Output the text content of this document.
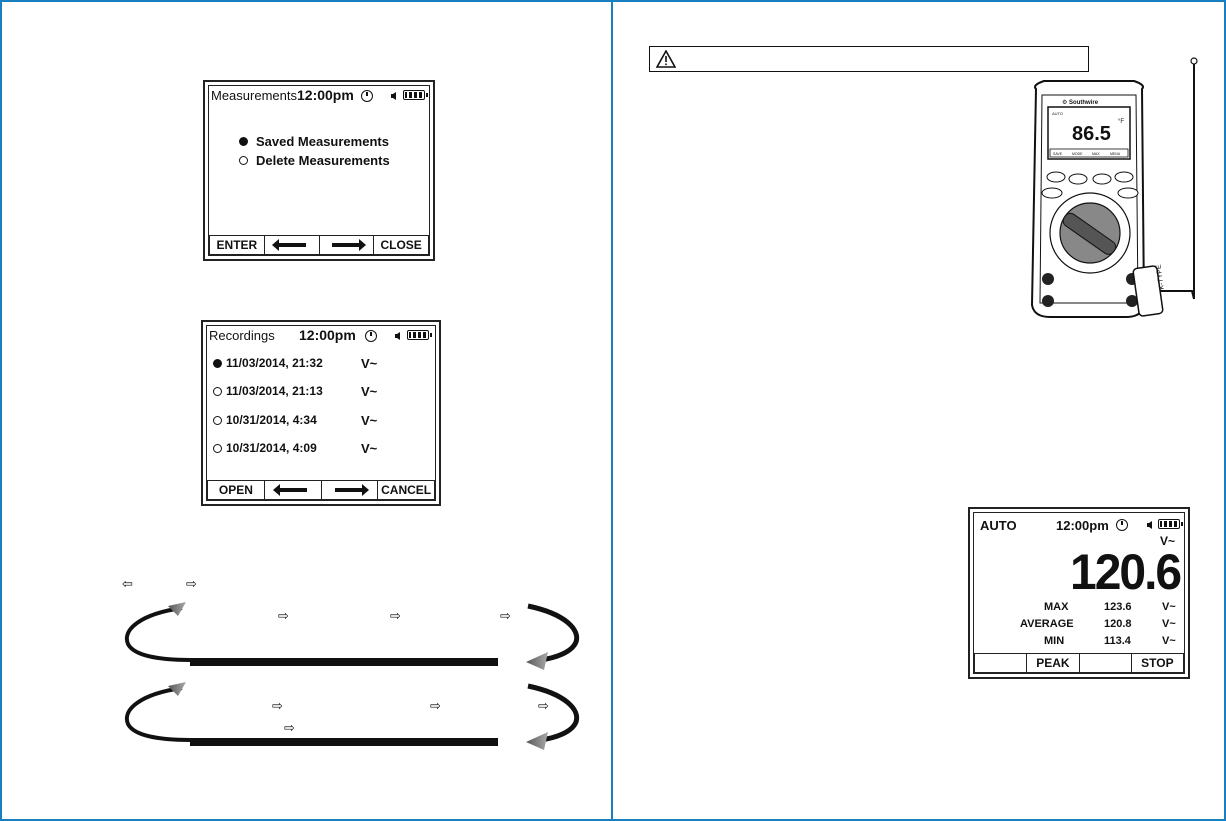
Measurements 12:00pm
Saved Measurements
Delete Measurements
ENTER	CLOSE
Recordings 12:00pm
11/03/2014, 21:32	V~
11/03/2014, 21:13	V~
10/31/2014, 4:34	V~
10/31/2014, 4:09	V~
OPEN	CANCEL
⇦	⇨
⇨	⇨	⇨
⇨	⇨	⇨
⇨
⚙ Southwire
AUTO
°F
86.5
SAVE	MODE	MAX	MENU
K-TYPE
AUTO	12:00pm
V~
120.6
MAX	123.6	V~
AVERAGE	120.8	V~
MIN	113.4	V~
PEAK	STOP
